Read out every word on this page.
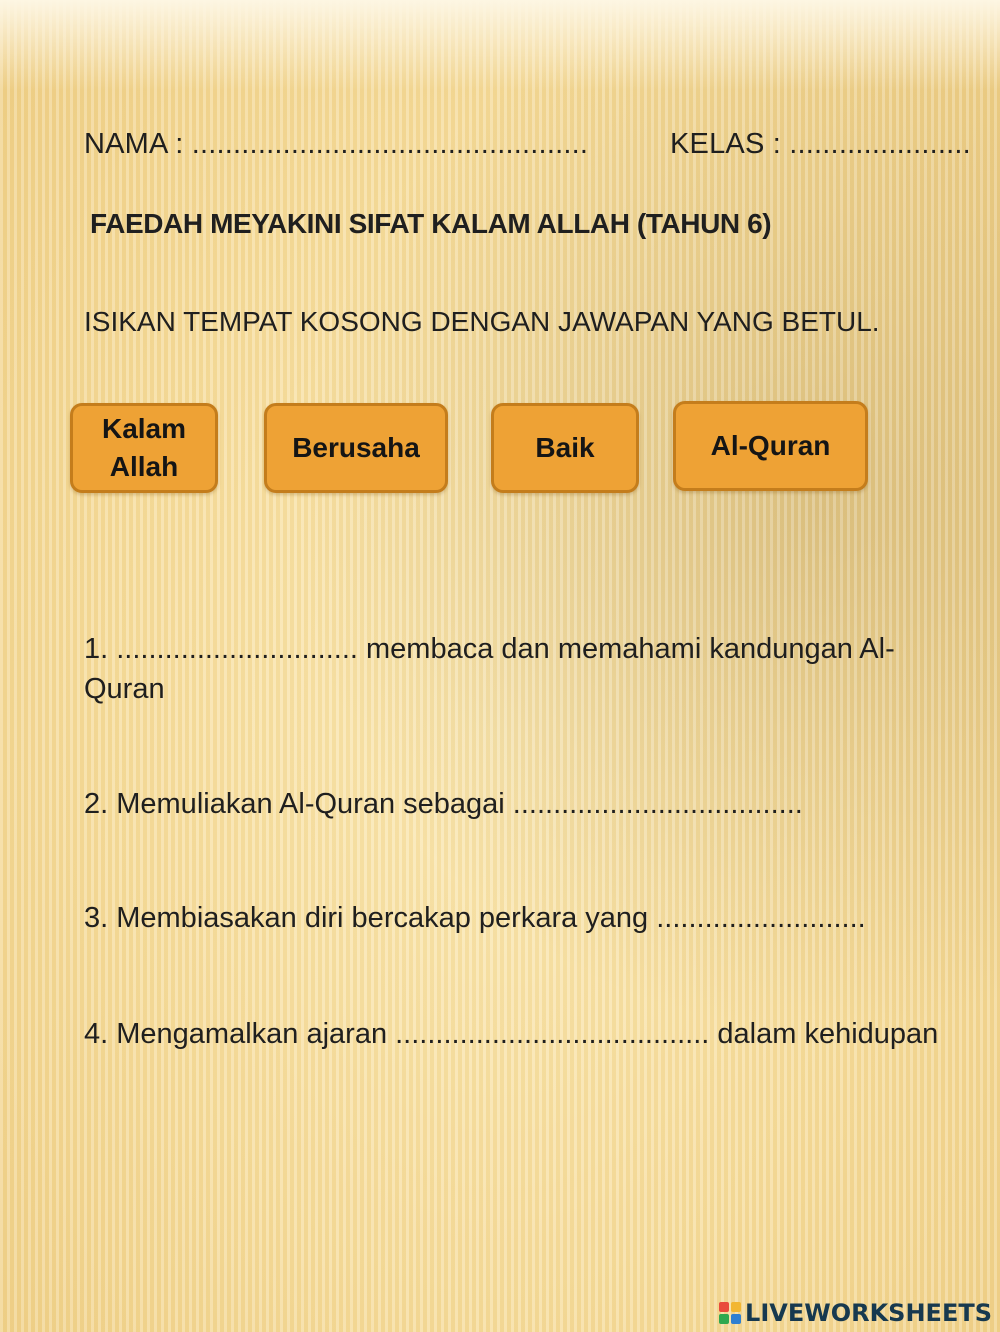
NAMA : ................................................	KELAS : ......................
FAEDAH MEYAKINI SIFAT KALAM ALLAH (TAHUN 6)
ISIKAN TEMPAT KOSONG DENGAN JAWAPAN YANG BETUL.
Kalam
Allah
Berusaha	Baik	Al-Quran
1. .............................. membaca dan memahami kandungan Al-Quran
2. Memuliakan Al-Quran sebagai ....................................
3. Membiasakan diri bercakap perkara yang ..........................
4. Mengamalkan ajaran ....................................... dalam kehidupan
LIVEWORKSHEETS
